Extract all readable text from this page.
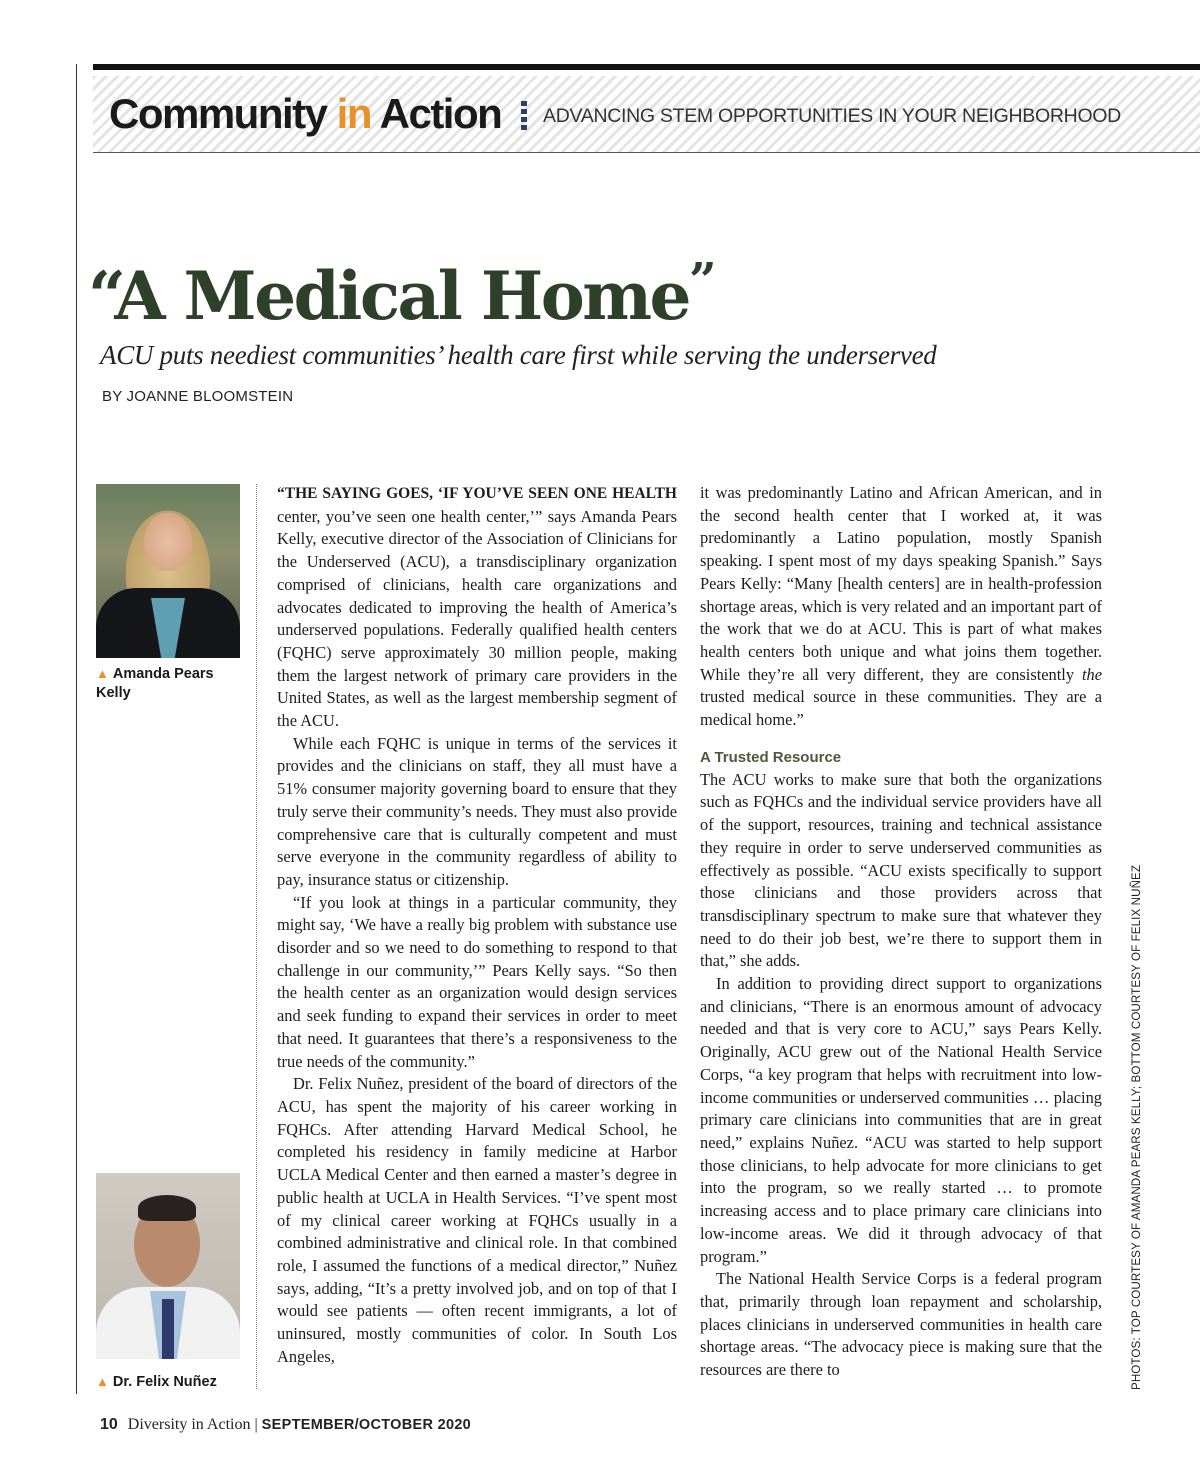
Community in Action ADVANCING STEM OPPORTUNITIES IN YOUR NEIGHBORHOOD
“A Medical Home”

ACU puts neediest communities’ health care first while serving the underserved

BY JOANNE BLOOMSTEIN
▲ Amanda Pears Kelly
▲ Dr. Felix Nuñez

“THE SAYING GOES, ‘IF YOU’VE SEEN ONE HEALTH center, you’ve seen one health center,’” says Amanda Pears Kelly, executive director of the Association of Clinicians for the Underserved (ACU), a transdisciplinary organization comprised of clinicians, health care organizations and advocates dedicated to improving the health of America’s underserved populations. Federally qualified health centers (FQHC) serve approximately 30 million people, making them the largest network of primary care providers in the United States, as well as the largest membership segment of the ACU.

While each FQHC is unique in terms of the services it provides and the clinicians on staff, they all must have a 51% consumer majority governing board to ensure that they truly serve their community’s needs. They must also provide comprehensive care that is culturally competent and must serve everyone in the community regardless of ability to pay, insurance status or citizenship.

“If you look at things in a particular community, they might say, ‘We have a really big problem with substance use disorder and so we need to do something to respond to that challenge in our community,’” Pears Kelly says. “So then the health center as an organization would design services and seek funding to expand their services in order to meet that need. It guarantees that there’s a responsiveness to the true needs of the community.”

Dr. Felix Nuñez, president of the board of directors of the ACU, has spent the majority of his career working in FQHCs. After attending Harvard Medical School, he completed his residency in family medicine at Harbor UCLA Medical Center and then earned a master’s degree in public health at UCLA in Health Services. “I’ve spent most of my clinical career working at FQHCs usually in a combined administrative and clinical role. In that combined role, I assumed the functions of a medical director,” Nuñez says, adding, “It’s a pretty involved job, and on top of that I would see patients — often recent immigrants, a lot of uninsured, mostly communities of color. In South Los Angeles,

it was predominantly Latino and African American, and in the second health center that I worked at, it was predominantly a Latino population, mostly Spanish speaking. I spent most of my days speaking Spanish.” Says Pears Kelly: “Many [health centers] are in health-profession shortage areas, which is very related and an important part of the work that we do at ACU. This is part of what makes health centers both unique and what joins them together. While they’re all very different, they are consistently the trusted medical source in these communities. They are a medical home.”

A Trusted Resource

The ACU works to make sure that both the organizations such as FQHCs and the individual service providers have all of the support, resources, training and technical assistance they require in order to serve underserved communities as effectively as possible. “ACU exists specifically to support those clinicians and those providers across that transdisciplinary spectrum to make sure that whatever they need to do their job best, we’re there to support them in that,” she adds.

In addition to providing direct support to organizations and clinicians, “There is an enormous amount of advocacy needed and that is very core to ACU,” says Pears Kelly. Originally, ACU grew out of the National Health Service Corps, “a key program that helps with recruitment into low-income communities or underserved communities … placing primary care clinicians into communities that are in great need,” explains Nuñez. “ACU was started to help support those clinicians, to help advocate for more clinicians to get into the program, so we really started … to promote increasing access and to place primary care clinicians into low-income areas. We did it through advocacy of that program.”

The National Health Service Corps is a federal program that, primarily through loan repayment and scholarship, places clinicians in underserved communities in health care shortage areas. “The advocacy piece is making sure that the resources are there to	PHOTOS: TOP COURTESY OF AMANDA PEARS KELLY; BOTTOM COURTESY OF FELIX NUÑEZ
10 Diversity in Action | SEPTEMBER/OCTOBER 2020
